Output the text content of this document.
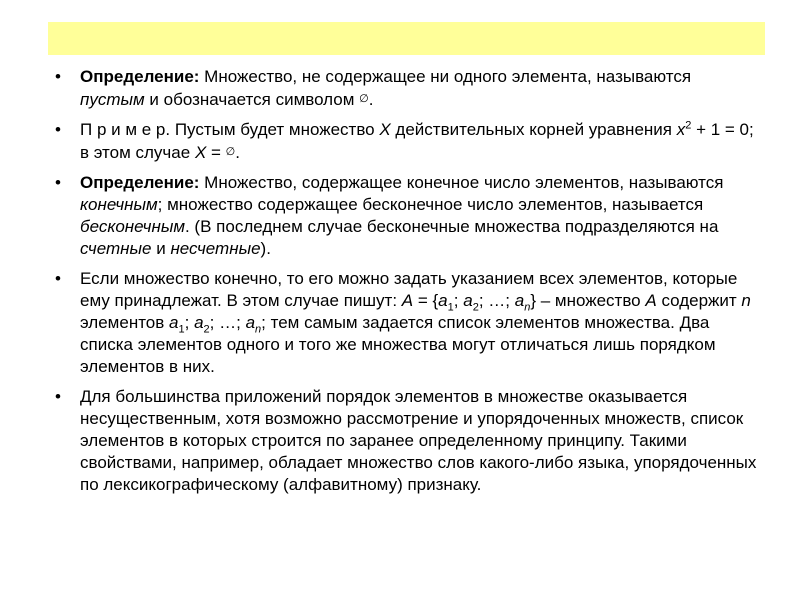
•	Определение: Множество, не содержащее ни одного элемента, называются пустым и обозначается символом ∅.
•	П р и м е р. Пустым будет множество X действительных корней уравнения $x^2 + 1 = 0$; в этом случае X = ∅.
•	Определение: Множество, содержащее конечное число элементов, называются конечным; множество содержащее бесконечное число элементов, называется бесконечным. (В последнем случае бесконечные множества подразделяются на счетные и несчетные).
•	Если множество конечно, то его можно задать указанием всех элементов, которые ему принадлежат. В этом случае пишут: $A = \{a_1$; $a_2$; …; $a_n$} – множество A содержит n элементов $a_1$; $a_2$; …; $a_n$; тем самым задается список элементов множества. Два списка элементов одного и того же множества могут отличаться лишь порядком элементов в них.
•	Для большинства приложений порядок элементов в множестве оказывается несущественным, хотя возможно рассмотрение и упорядоченных множеств, список элементов в которых строится по заранее определенному принципу. Такими свойствами, например, обладает множество слов какого-либо языка, упорядоченных по лексикографическому (алфавитному) признаку.
